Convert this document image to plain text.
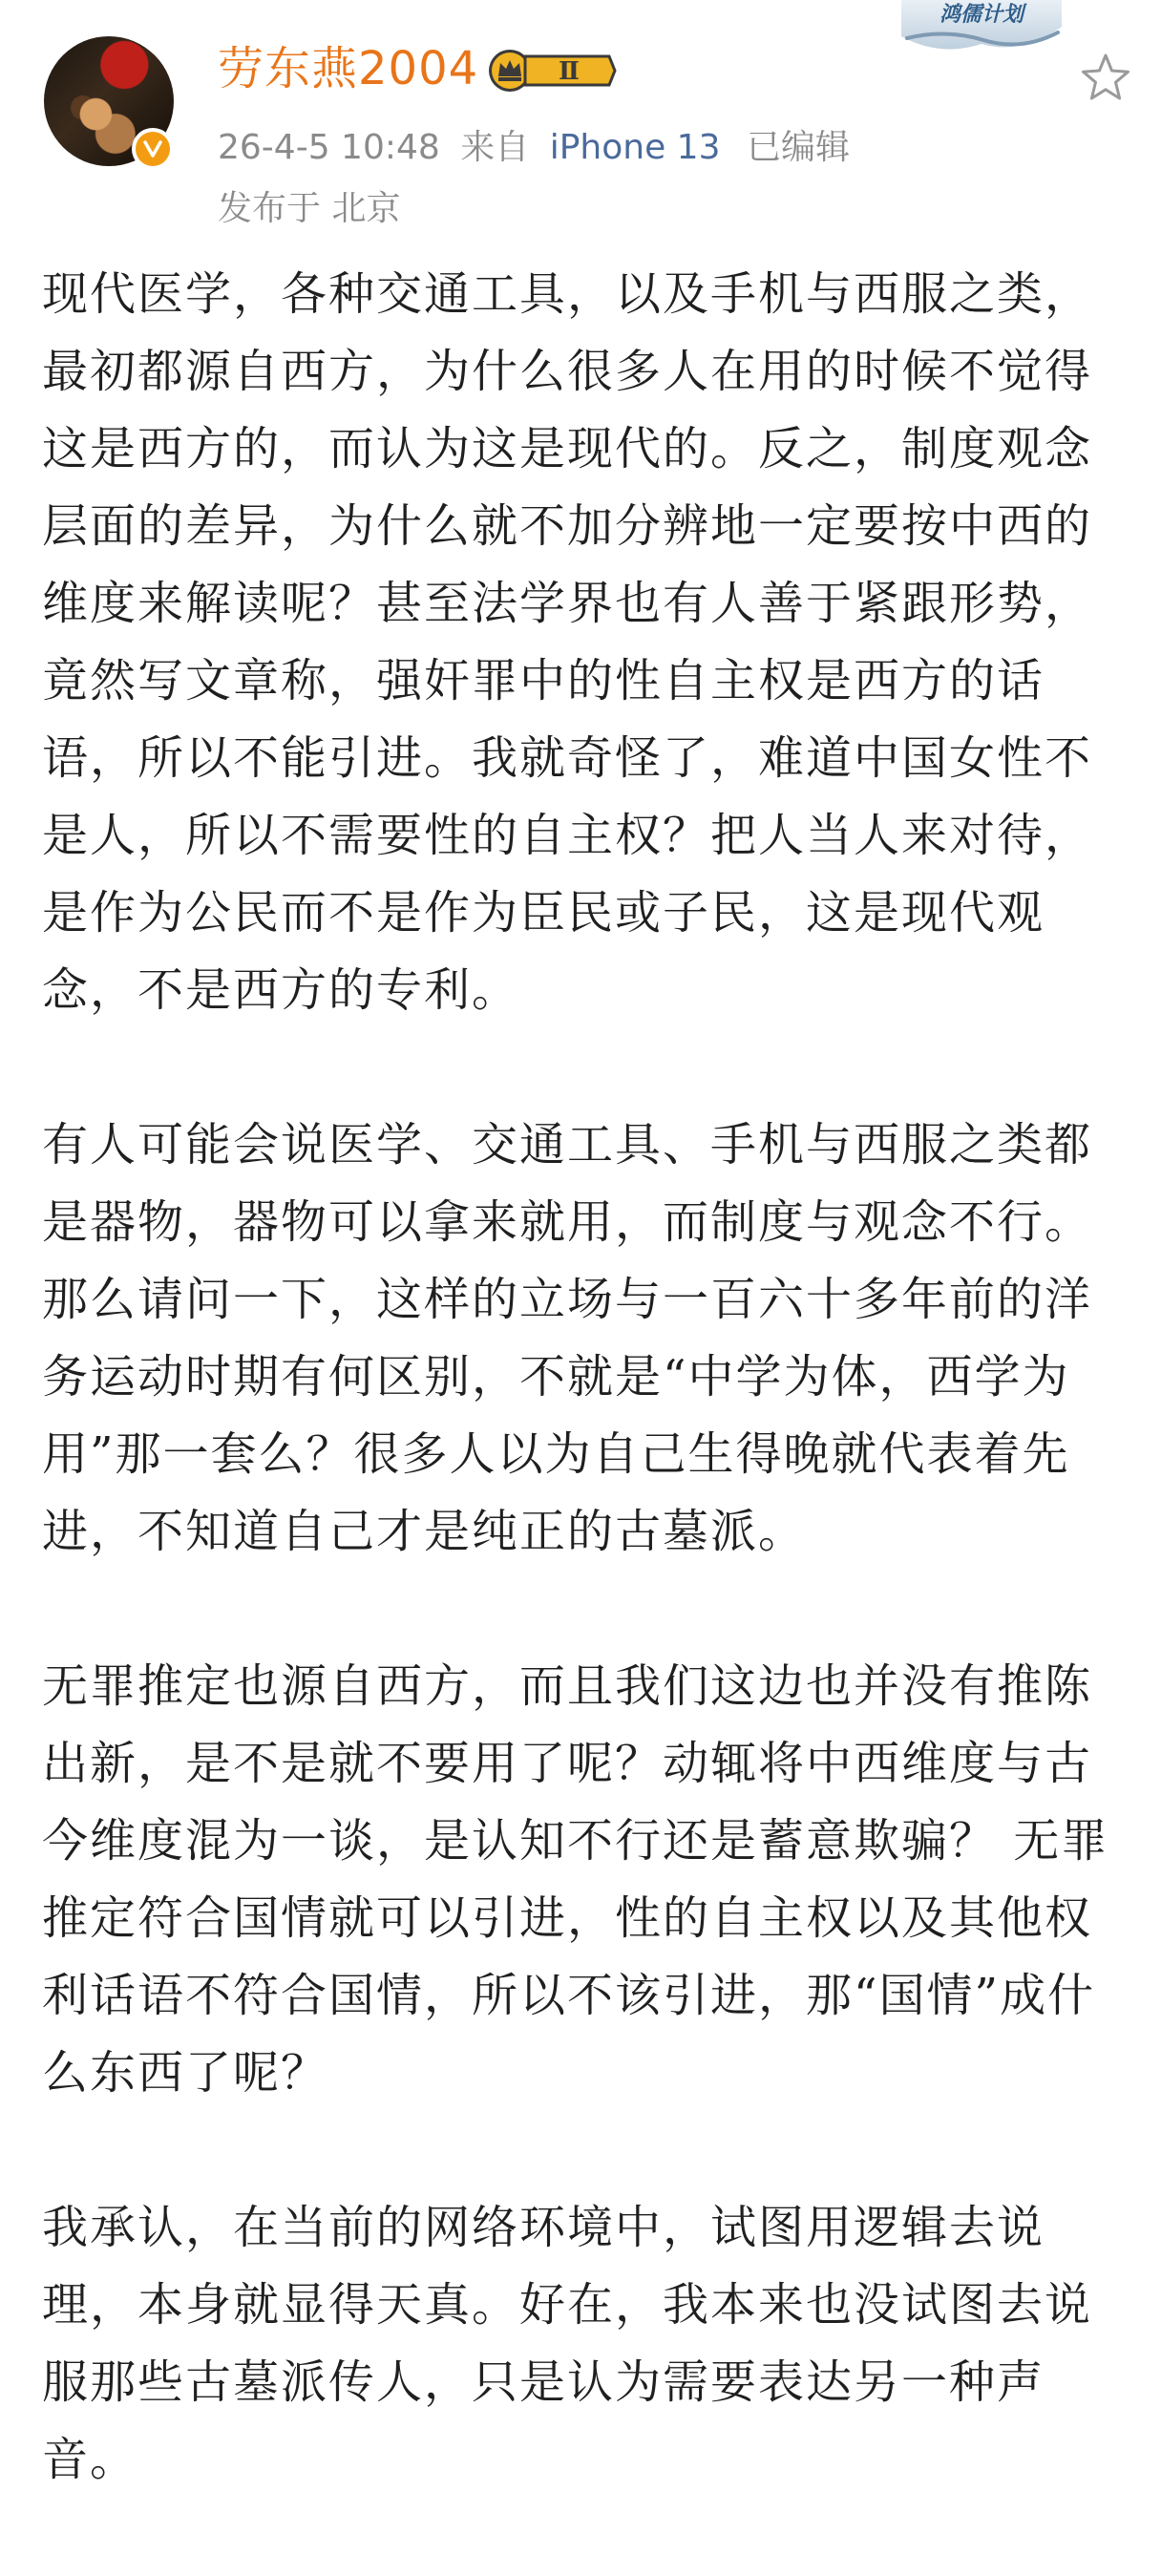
劳东燕2004	Ⅱ
26-4-5 10:48 来自 iPhone 13 已编辑
发布于 北京
鸿儒计划

现代医学，各种交通工具，以及手机与西服之类，最初都源自西方，为什么很多人在用的时候不觉得这是西方的，而认为这是现代的。反之，制度观念层面的差异，为什么就不加分辨地一定要按中西的维度来解读呢？甚至法学界也有人善于紧跟形势，竟然写文章称，强奸罪中的性自主权是西方的话语，所以不能引进。我就奇怪了，难道中国女性不是人，所以不需要性的自主权？把人当人来对待，是作为公民而不是作为臣民或子民，这是现代观念，不是西方的专利。

有人可能会说医学、交通工具、手机与西服之类都是器物，器物可以拿来就用，而制度与观念不行。那么请问一下，这样的立场与一百六十多年前的洋务运动时期有何区别，不就是“中学为体，西学为用”那一套么？很多人以为自己生得晚就代表着先进，不知道自己才是纯正的古墓派。

无罪推定也源自西方，而且我们这边也并没有推陈出新，是不是就不要用了呢？动辄将中西维度与古今维度混为一谈，是认知不行还是蓄意欺骗？ 无罪推定符合国情就可以引进，性的自主权以及其他权利话语不符合国情，所以不该引进，那“国情”成什么东西了呢？

我承认，在当前的网络环境中，试图用逻辑去说理，本身就显得天真。好在，我本来也没试图去说服那些古墓派传人，只是认为需要表达另一种声音。
